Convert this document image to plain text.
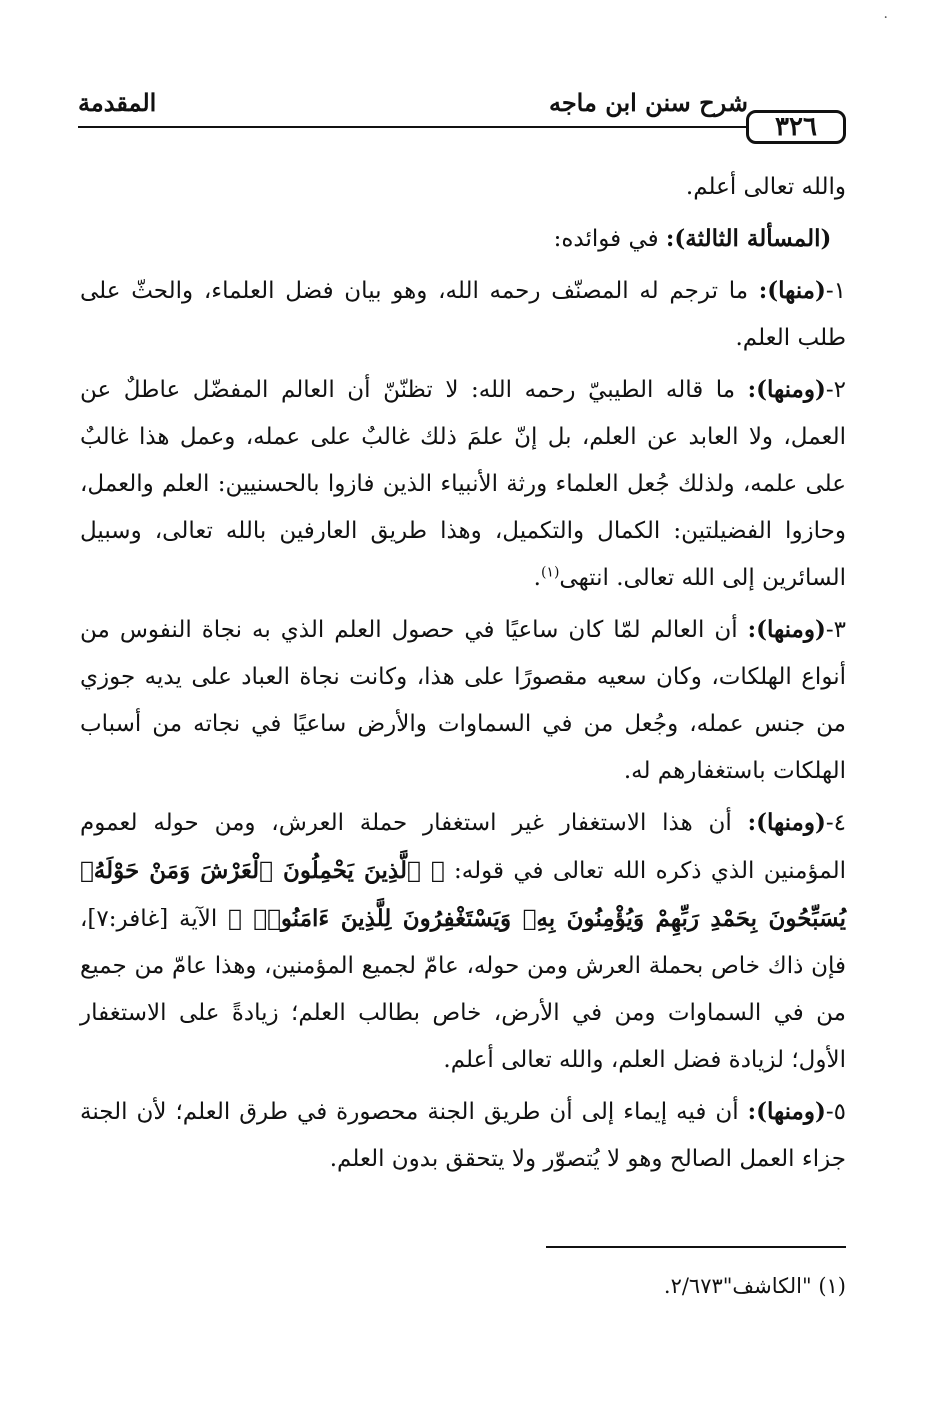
·
المقدمة	شرح سنن ابن ماجه
٣٢٦

والله تعالى أعلم.

(المسألة الثالثة): في فوائده:

١-(منها): ما ترجم له المصنّف رحمه الله، وهو بيان فضل العلماء، والحثّ على طلب العلم.

٢-(ومنها): ما قاله الطيبيّ رحمه الله: لا تظنّنّ أن العالم المفضّل عاطلٌ عن العمل، ولا العابد عن العلم، بل إنّ علمَ ذلك غالبٌ على عمله، وعمل هذا غالبٌ على علمه، ولذلك جُعل العلماء ورثة الأنبياء الذين فازوا بالحسنيين: العلم والعمل، وحازوا الفضيلتين: الكمال والتكميل، وهذا طريق العارفين بالله تعالى، وسبيل السائرين إلى الله تعالى. انتهى$^{(١)}$.

٣-(ومنها): أن العالم لمّا كان ساعيًا في حصول العلم الذي به نجاة النفوس من أنواع الهلكات، وكان سعيه مقصورًا على هذا، وكانت نجاة العباد على يديه جوزي من جنس عمله، وجُعل من في السماوات والأرض ساعيًا في نجاته من أسباب الهلكات باستغفارهم له.

٤-(ومنها): أن هذا الاستغفار غير استغفار حملة العرش، ومن حوله لعموم المؤمنين الذي ذكره الله تعالى في قوله: ﴿ ٱلَّذِينَ يَحْمِلُونَ ٱلْعَرْشَ وَمَنْ حَوْلَهُۥ يُسَبِّحُونَ بِحَمْدِ رَبِّهِمْ وَيُؤْمِنُونَ بِهِۦ وَيَسْتَغْفِرُونَ لِلَّذِينَ ءَامَنُوا۟ ﴾ الآية [غافر:٧]، فإن ذاك خاص بحملة العرش ومن حوله، عامّ لجميع المؤمنين، وهذا عامّ من جميع من في السماوات ومن في الأرض، خاص بطالب العلم؛ زيادةً على الاستغفار الأول؛ لزيادة فضل العلم، والله تعالى أعلم.

٥-(ومنها): أن فيه إيماء إلى أن طريق الجنة محصورة في طرق العلم؛ لأن الجنة جزاء العمل الصالح وهو لا يُتصوّر ولا يتحقق بدون العلم.

(١) "الكاشف"٢/٦٧٣.
